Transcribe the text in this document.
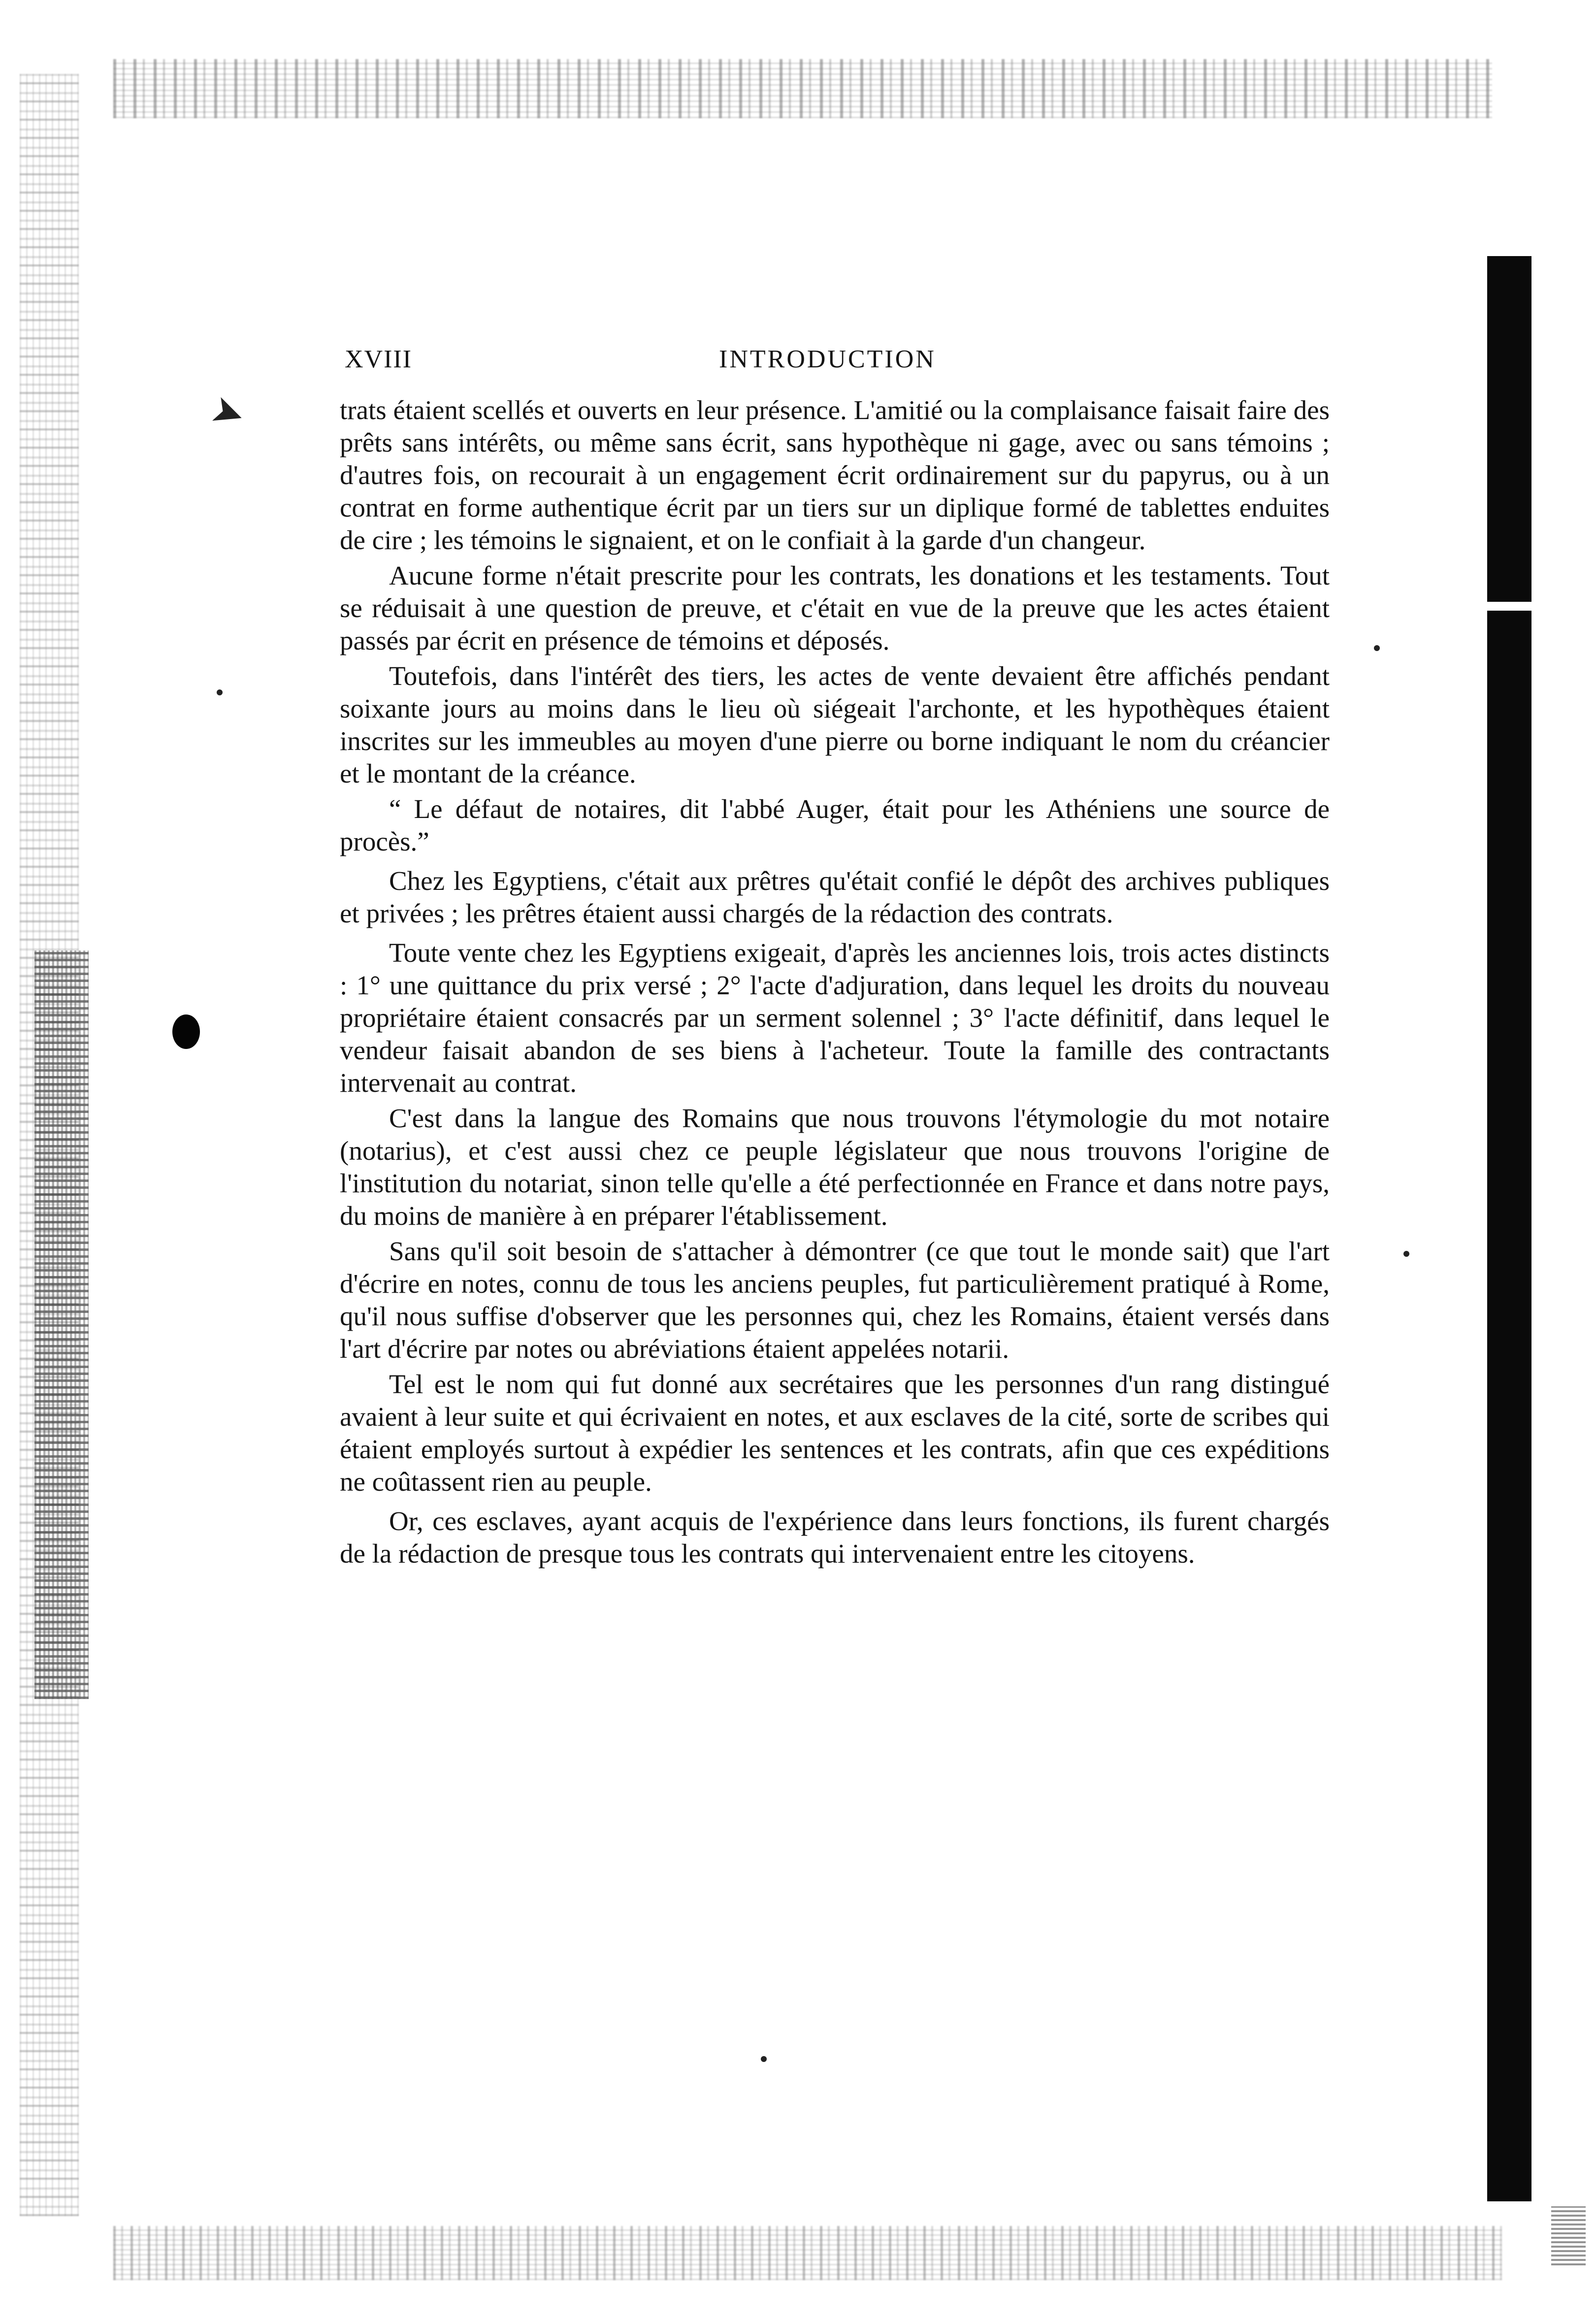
➤
XVIII	INTRODUCTION

trats étaient scellés et ouverts en leur présence. L'amitié ou la complaisance faisait faire des prêts sans intérêts, ou même sans écrit, sans hypothèque ni gage, avec ou sans témoins ; d'autres fois, on recourait à un engagement écrit ordinairement sur du papyrus, ou à un contrat en forme authentique écrit par un tiers sur un diplique formé de tablettes enduites de cire ; les témoins le signaient, et on le confiait à la garde d'un changeur.

Aucune forme n'était prescrite pour les contrats, les donations et les testaments. Tout se réduisait à une question de preuve, et c'était en vue de la preuve que les actes étaient passés par écrit en présence de témoins et déposés.

Toutefois, dans l'intérêt des tiers, les actes de vente devaient être affichés pendant soixante jours au moins dans le lieu où siégeait l'archonte, et les hypothèques étaient inscrites sur les immeubles au moyen d'une pierre ou borne indiquant le nom du créancier et le montant de la créance.

“ Le défaut de notaires, dit l'abbé Auger, était pour les Athéniens une source de procès.”

Chez les Egyptiens, c'était aux prêtres qu'était confié le dépôt des archives publiques et privées ; les prêtres étaient aussi chargés de la rédaction des contrats.

Toute vente chez les Egyptiens exigeait, d'après les anciennes lois, trois actes distincts : 1° une quittance du prix versé ; 2° l'acte d'adjuration, dans lequel les droits du nouveau propriétaire étaient consacrés par un serment solennel ; 3° l'acte définitif, dans lequel le vendeur faisait abandon de ses biens à l'acheteur. Toute la famille des contractants intervenait au contrat.

C'est dans la langue des Romains que nous trouvons l'étymologie du mot notaire (notarius), et c'est aussi chez ce peuple législateur que nous trouvons l'origine de l'institution du notariat, sinon telle qu'elle a été perfectionnée en France et dans notre pays, du moins de manière à en préparer l'établissement.

Sans qu'il soit besoin de s'attacher à démontrer (ce que tout le monde sait) que l'art d'écrire en notes, connu de tous les anciens peuples, fut particulièrement pratiqué à Rome, qu'il nous suffise d'observer que les personnes qui, chez les Romains, étaient versés dans l'art d'écrire par notes ou abréviations étaient appelées notarii.

Tel est le nom qui fut donné aux secrétaires que les personnes d'un rang distingué avaient à leur suite et qui écrivaient en notes, et aux esclaves de la cité, sorte de scribes qui étaient employés surtout à expédier les sentences et les contrats, afin que ces expéditions ne coûtassent rien au peuple.

Or, ces esclaves, ayant acquis de l'expérience dans leurs fonctions, ils furent chargés de la rédaction de presque tous les contrats qui intervenaient entre les citoyens.
